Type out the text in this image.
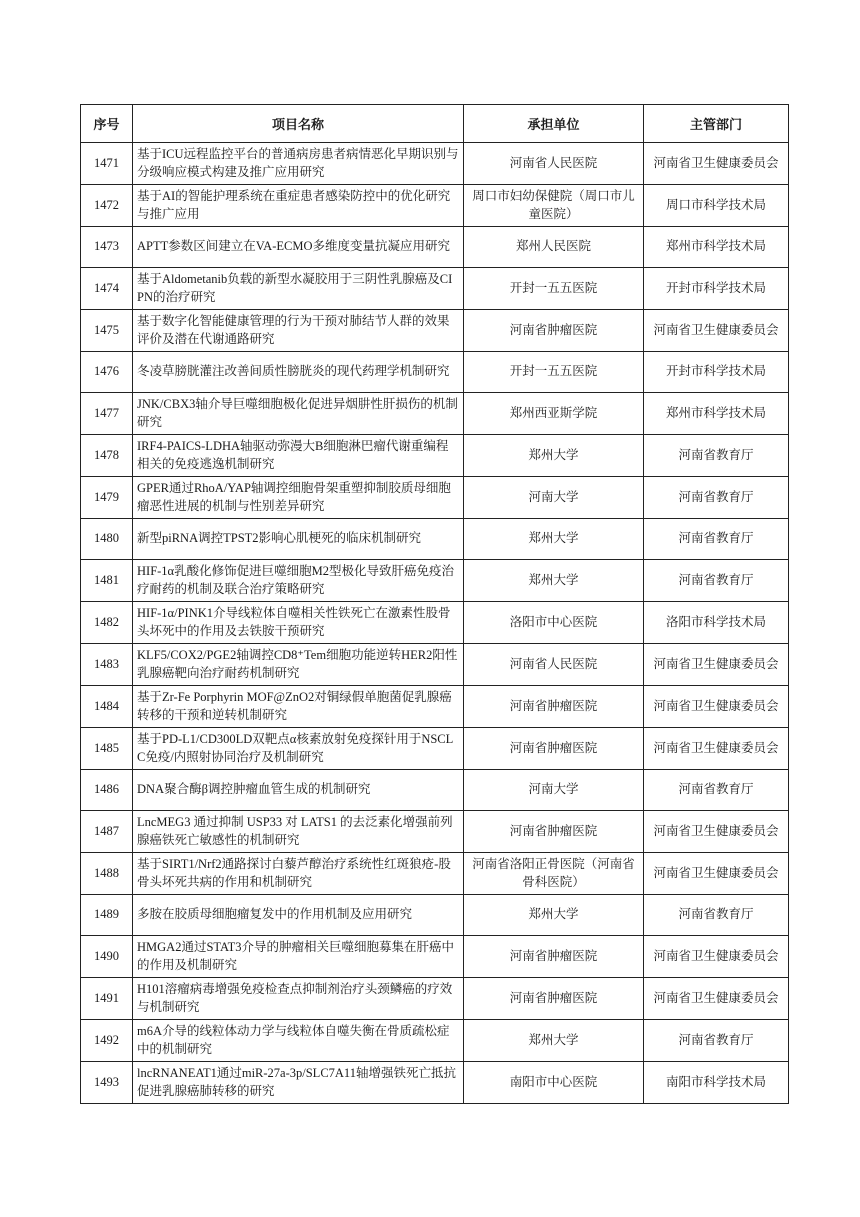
序号	项目名称	承担单位	主管部门
1471	基于ICU远程监控平台的普通病房患者病情恶化早期识别与分级响应模式构建及推广应用研究	河南省人民医院	河南省卫生健康委员会
1472	基于AI的智能护理系统在重症患者感染防控中的优化研究与推广应用	周口市妇幼保健院（周口市儿童医院）	周口市科学技术局
1473	APTT参数区间建立在VA-ECMO多维度变量抗凝应用研究	郑州人民医院	郑州市科学技术局
1474	基于Aldometanib负载的新型水凝胶用于三阴性乳腺癌及CIPN的治疗研究	开封一五五医院	开封市科学技术局
1475	基于数字化智能健康管理的行为干预对肺结节人群的效果评价及潜在代谢通路研究	河南省肿瘤医院	河南省卫生健康委员会
1476	冬凌草膀胱灌注改善间质性膀胱炎的现代药理学机制研究	开封一五五医院	开封市科学技术局
1477	JNK/CBX3轴介导巨噬细胞极化促进异烟肼性肝损伤的机制研究	郑州西亚斯学院	郑州市科学技术局
1478	IRF4-PAICS-LDHA轴驱动弥漫大B细胞淋巴瘤代谢重编程相关的免疫逃逸机制研究	郑州大学	河南省教育厅
1479	GPER通过RhoA/YAP轴调控细胞骨架重塑抑制胶质母细胞瘤恶性进展的机制与性别差异研究	河南大学	河南省教育厅
1480	新型piRNA调控TPST2影响心肌梗死的临床机制研究	郑州大学	河南省教育厅
1481	HIF-1α乳酸化修饰促进巨噬细胞M2型极化导致肝癌免疫治疗耐药的机制及联合治疗策略研究	郑州大学	河南省教育厅
1482	HIF-1α/PINK1介导线粒体自噬相关性铁死亡在激素性股骨头坏死中的作用及去铁胺干预研究	洛阳市中心医院	洛阳市科学技术局
1483	KLF5/COX2/PGE2轴调控CD8⁺Tem细胞功能逆转HER2阳性乳腺癌靶向治疗耐药机制研究	河南省人民医院	河南省卫生健康委员会
1484	基于Zr-Fe Porphyrin MOF@ZnO2对铜绿假单胞菌促乳腺癌转移的干预和逆转机制研究	河南省肿瘤医院	河南省卫生健康委员会
1485	基于PD-L1/CD300LD双靶点α核素放射免疫探针用于NSCLC免疫/内照射协同治疗及机制研究	河南省肿瘤医院	河南省卫生健康委员会
1486	DNA聚合酶β调控肿瘤血管生成的机制研究	河南大学	河南省教育厅
1487	LncMEG3 通过抑制 USP33 对 LATS1 的去泛素化增强前列腺癌铁死亡敏感性的机制研究	河南省肿瘤医院	河南省卫生健康委员会
1488	基于SIRT1/Nrf2通路探讨白藜芦醇治疗系统性红斑狼疮-股骨头坏死共病的作用和机制研究	河南省洛阳正骨医院（河南省骨科医院）	河南省卫生健康委员会
1489	多胺在胶质母细胞瘤复发中的作用机制及应用研究	郑州大学	河南省教育厅
1490	HMGA2通过STAT3介导的肿瘤相关巨噬细胞募集在肝癌中的作用及机制研究	河南省肿瘤医院	河南省卫生健康委员会
1491	H101溶瘤病毒增强免疫检查点抑制剂治疗头颈鳞癌的疗效与机制研究	河南省肿瘤医院	河南省卫生健康委员会
1492	m6A介导的线粒体动力学与线粒体自噬失衡在骨质疏松症中的机制研究	郑州大学	河南省教育厅
1493	lncRNANEAT1通过miR-27a-3p/SLC7A11轴增强铁死亡抵抗促进乳腺癌肺转移的研究	南阳市中心医院	南阳市科学技术局
